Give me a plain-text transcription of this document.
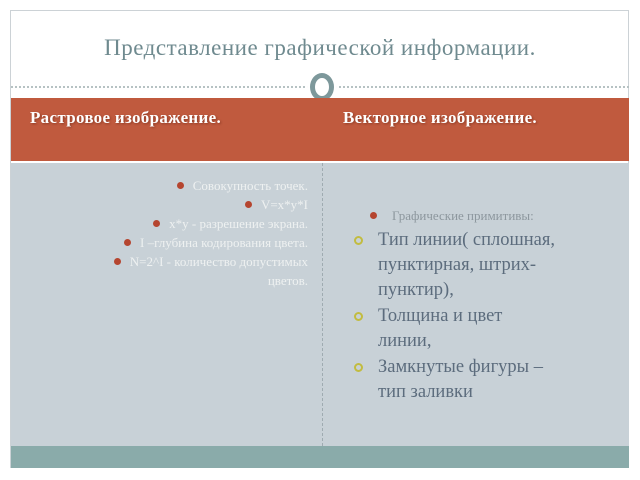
Представление графической информации.
Растровое изображение.	Векторное изображение.
Совокупность точек.
V=x*y*I
x*y - разрешение экрана.
I –глубина кодирования цвета.
N=2^I - количество допустимых
цветов.
Графические примитивы:
Тип линии( сплошная,
пунктирная, штрих-
пунктир),
Толщина и цвет
линии,
Замкнутые фигуры –
тип заливки
